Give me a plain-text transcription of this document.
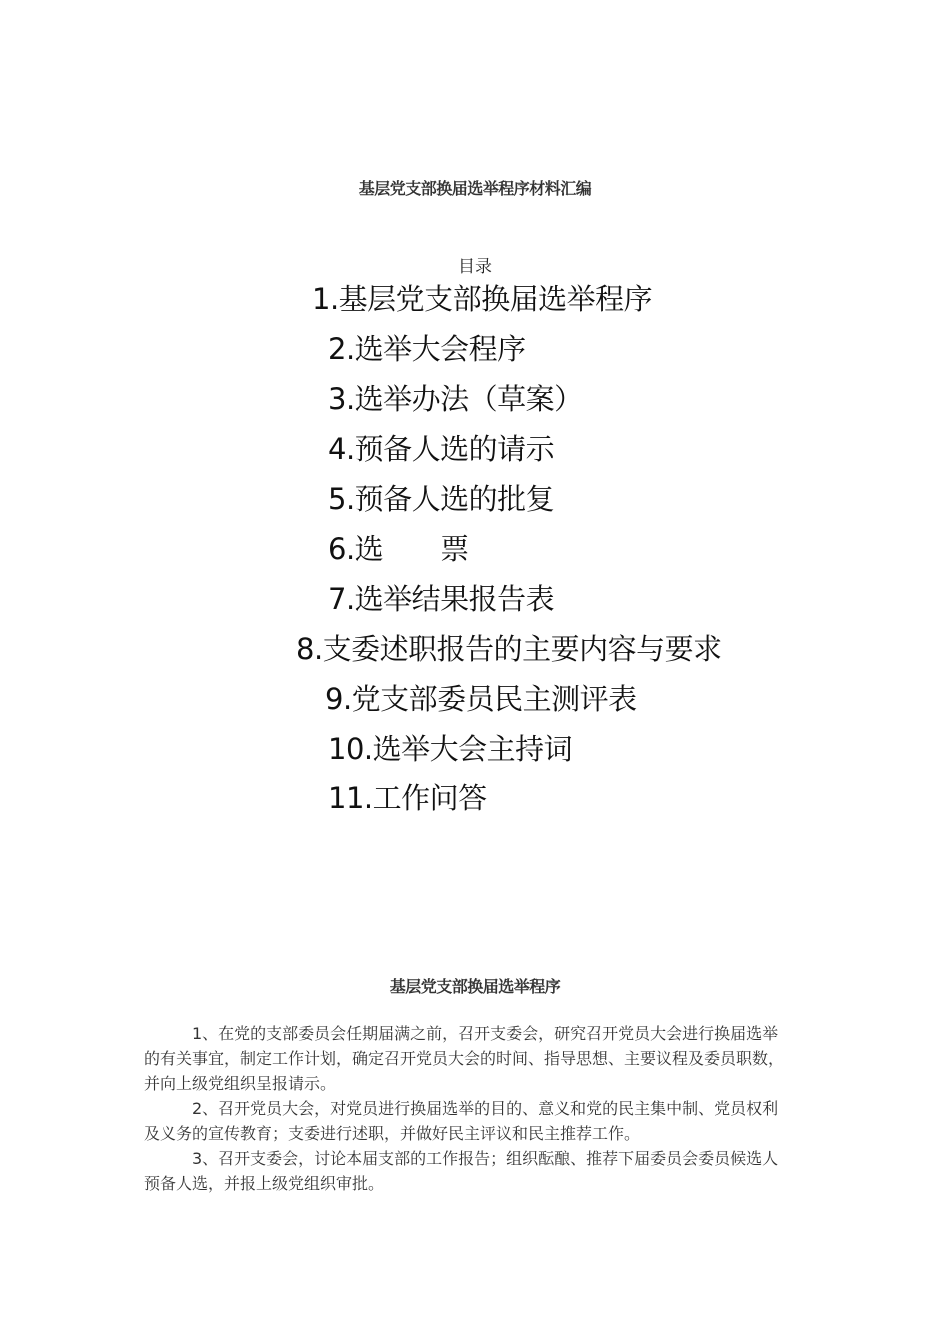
基层党支部换届选举程序材料汇编
目录
1.基层党支部换届选举程序
2.选举大会程序
3.选举办法（草案）
4.预备人选的请示
5.预备人选的批复
6.选　　票
7.选举结果报告表
8.支委述职报告的主要内容与要求
9.党支部委员民主测评表
10.选举大会主持词
11.工作问答
基层党支部换届选举程序

1、在党的支部委员会任期届满之前，召开支委会，研究召开党员大会进行换届选举
的有关事宜，制定工作计划，确定召开党员大会的时间、指导思想、主要议程及委员职数，
并向上级党组织呈报请示。

2、召开党员大会，对党员进行换届选举的目的、意义和党的民主集中制、党员权利
及义务的宣传教育；支委进行述职，并做好民主评议和民主推荐工作。

3、召开支委会，讨论本届支部的工作报告；组织酝酿、推荐下届委员会委员候选人
预备人选，并报上级党组织审批。
